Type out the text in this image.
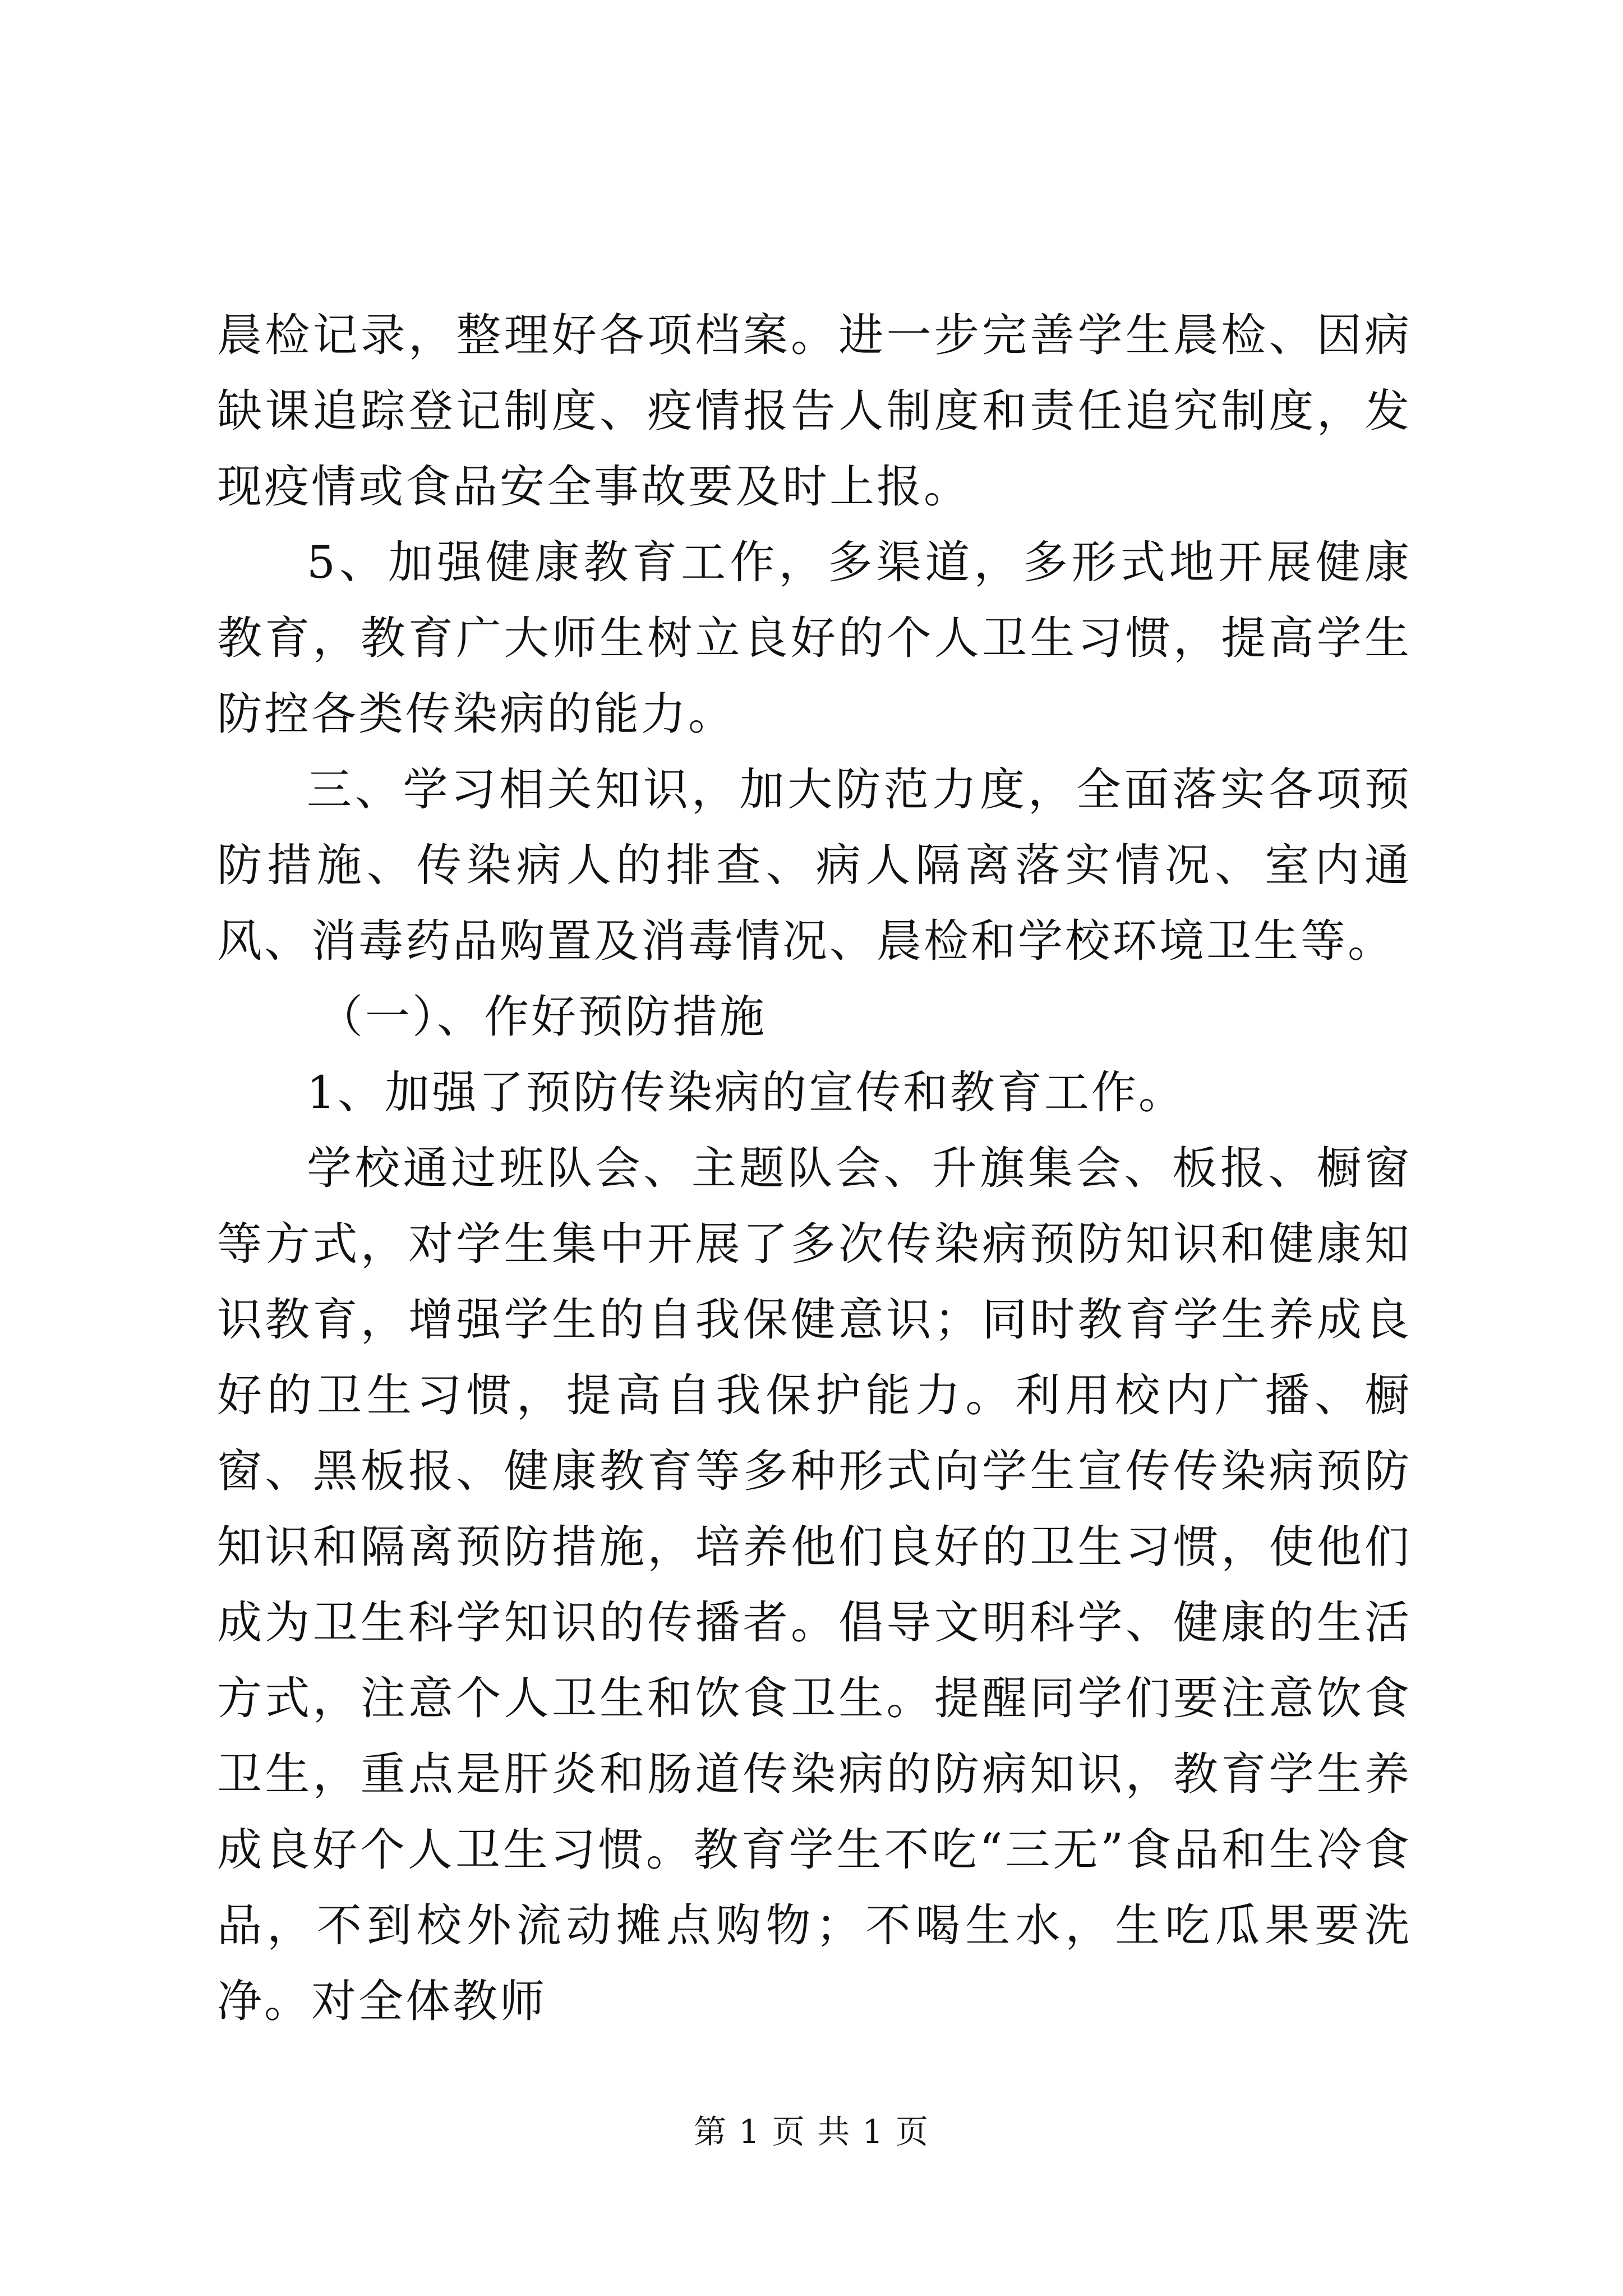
晨检记录，整理好各项档案。进一步完善学生晨检、因病缺课追踪登记制度、疫情报告人制度和责任追究制度，发现疫情或食品安全事故要及时上报。

5、加强健康教育工作，多渠道，多形式地开展健康教育，教育广大师生树立良好的个人卫生习惯，提高学生防控各类传染病的能力。

三、学习相关知识，加大防范力度，全面落实各项预防措施、传染病人的排查、病人隔离落实情况、室内通风、消毒药品购置及消毒情况、晨检和学校环境卫生等。

（一）、作好预防措施

1、加强了预防传染病的宣传和教育工作。

学校通过班队会、主题队会、升旗集会、板报、橱窗等方式，对学生集中开展了多次传染病预防知识和健康知识教育，增强学生的自我保健意识；同时教育学生养成良好的卫生习惯，提高自我保护能力。利用校内广播、橱窗、黑板报、健康教育等多种形式向学生宣传传染病预防知识和隔离预防措施，培养他们良好的卫生习惯，使他们成为卫生科学知识的传播者。倡导文明科学、健康的生活方式，注意个人卫生和饮食卫生。提醒同学们要注意饮食卫生，重点是肝炎和肠道传染病的防病知识，教育学生养成良好个人卫生习惯。教育学生不吃“三无”食品和生冷食品，不到校外流动摊点购物；不喝生水，生吃瓜果要洗净。对全体教师

第 1 页 共 1 页
